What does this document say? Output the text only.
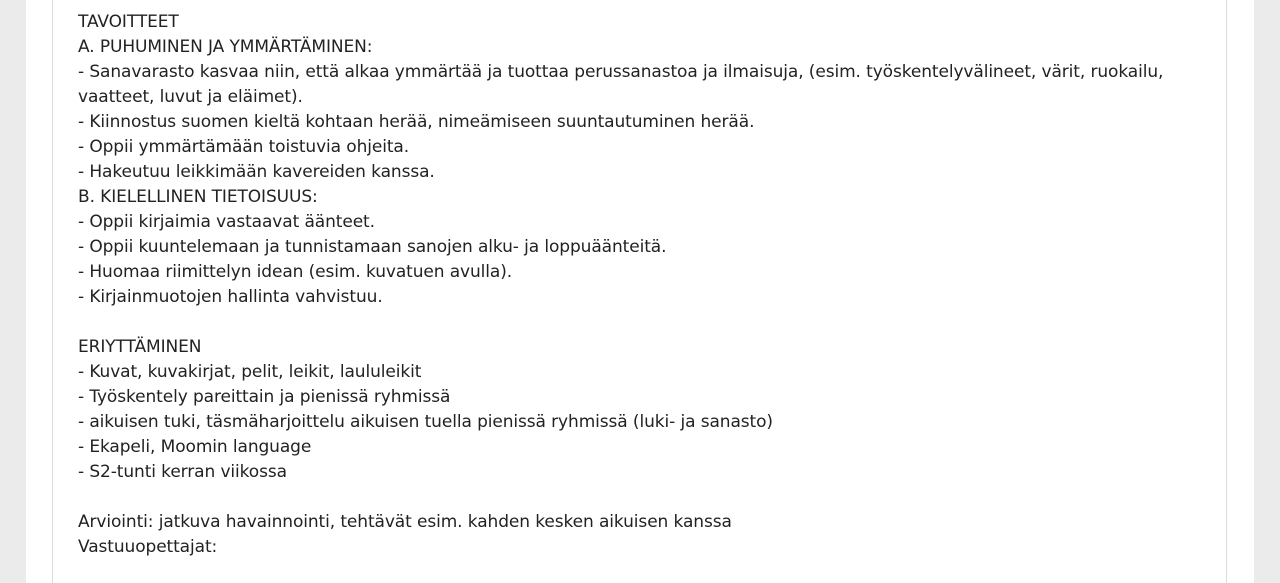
TAVOITTEET
A. PUHUMINEN JA YMMÄRTÄMINEN:
- Sanavarasto kasvaa niin, että alkaa ymmärtää ja tuottaa perussanastoa ja ilmaisuja, (esim. työskentelyvälineet, värit, ruokailu, vaatteet, luvut ja eläimet).
- Kiinnostus suomen kieltä kohtaan herää, nimeämiseen suuntautuminen herää.
- Oppii ymmärtämään toistuvia ohjeita.
- Hakeutuu leikkimään kavereiden kanssa.
B. KIELELLINEN TIETOISUUS:
- Oppii kirjaimia vastaavat äänteet.
- Oppii kuuntelemaan ja tunnistamaan sanojen alku- ja loppuäänteitä.
- Huomaa riimittelyn idean (esim. kuvatuen avulla).
- Kirjainmuotojen hallinta vahvistuu.
ERIYTTÄMINEN
- Kuvat, kuvakirjat, pelit, leikit, laululeikit
- Työskentely pareittain ja pienissä ryhmissä
- aikuisen tuki, täsmäharjoittelu aikuisen tuella pienissä ryhmissä (luki- ja sanasto)
- Ekapeli, Moomin language
- S2-tunti kerran viikossa
Arviointi: jatkuva havainnointi, tehtävät esim. kahden kesken aikuisen kanssa
Vastuuopettajat:
